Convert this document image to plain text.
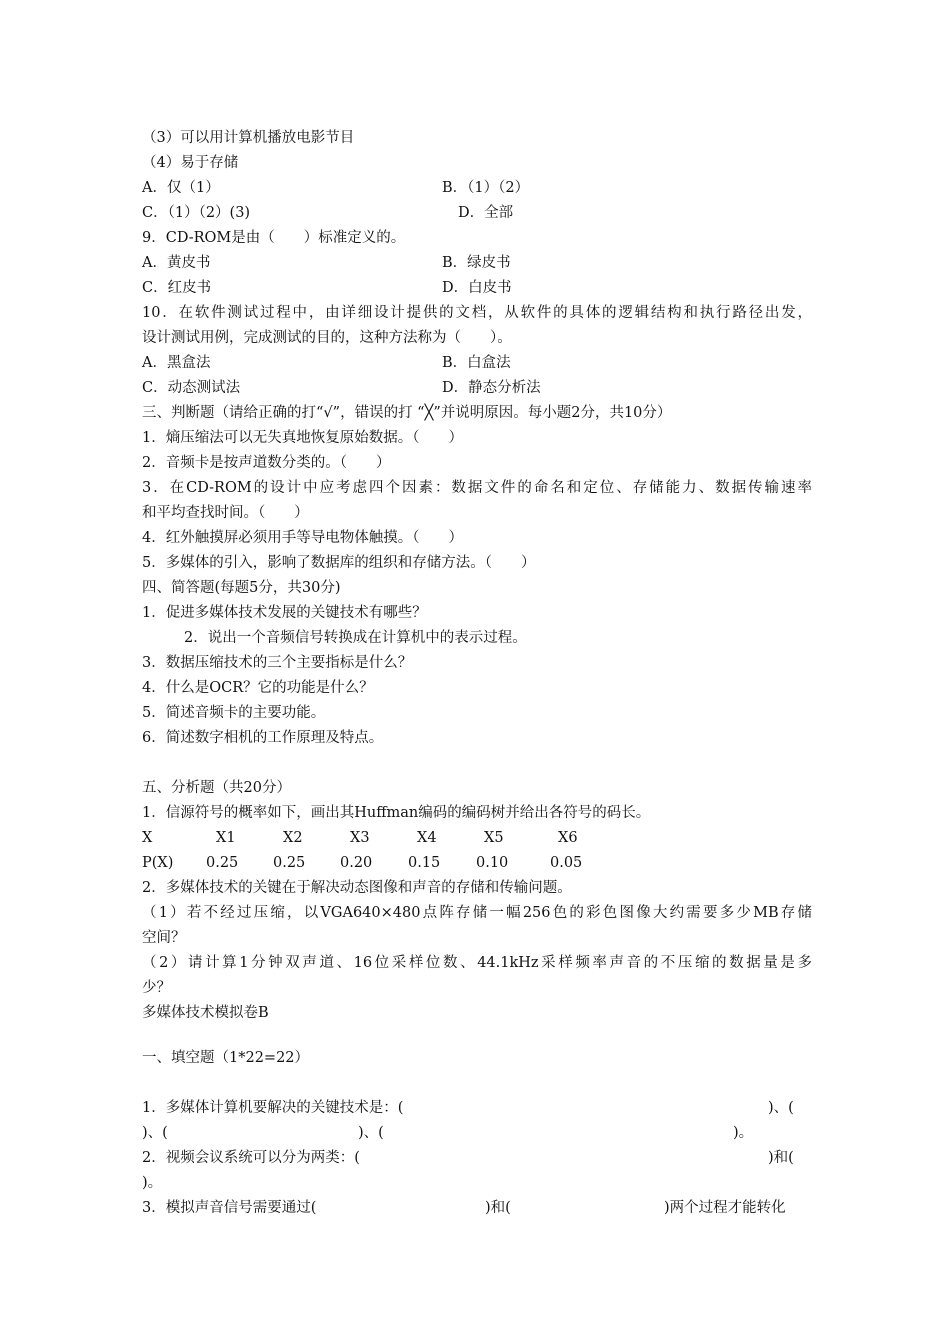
（3）可以用计算机播放电影节目
（4）易于存储
A．仅（1）	B．（1）（2）
C．（1）（2）(3)	D．全部
9．CD-ROM是由（　　）标准定义的。
A．黄皮书	B．绿皮书
C．红皮书	D．白皮书
10．在软件测试过程中，由详细设计提供的文档，从软件的具体的逻辑结构和执行路径出发，
设计测试用例，完成测试的目的，这种方法称为（　　）。
A．黑盒法	B．白盒法
C．动态测试法	D．静态分析法
三、判断题（请给正确的打“√”，错误的打 “╳”并说明原因。每小题2分，共10分）
1．熵压缩法可以无失真地恢复原始数据。（　　）
2．音频卡是按声道数分类的。（　　）
3．在CD-ROM的设计中应考虑四个因素：数据文件的命名和定位、存储能力、数据传输速率
和平均查找时间。（　　）
4．红外触摸屏必须用手等导电物体触摸。（　　）
5．多媒体的引入，影响了数据库的组织和存储方法。（　　）
四、简答题(每题5分，共30分)
1．促进多媒体技术发展的关键技术有哪些？
2．说出一个音频信号转换成在计算机中的表示过程。
3．数据压缩技术的三个主要指标是什么？
4．什么是OCR？它的功能是什么？
5．简述音频卡的主要功能。
6．简述数字相机的工作原理及特点。
五、分析题（共20分）
1．信源符号的概率如下，画出其Huffman编码的编码树并给出各符号的码长。
X	X1	X2	X3	X4	X5	X6
P(X) 0.25 0.25 0.20 0.15 0.10	0.05
2．多媒体技术的关键在于解决动态图像和声音的存储和传输问题。
（1）若不经过压缩，以VGA640×480点阵存储一幅256色的彩色图像大约需要多少MB存储
空间？
（2）请计算1分钟双声道、16位采样位数、44.1kHz采样频率声音的不压缩的数据量是多
少？
多媒体技术模拟卷B
一、填空题（1*22=22）
1．多媒体计算机要解决的关键技术是：(	)、(
)、(	)、(	)。
2．视频会议系统可以分为两类：(	)和(
)。
3．模拟声音信号需要通过(	)和(	)两个过程才能转化
